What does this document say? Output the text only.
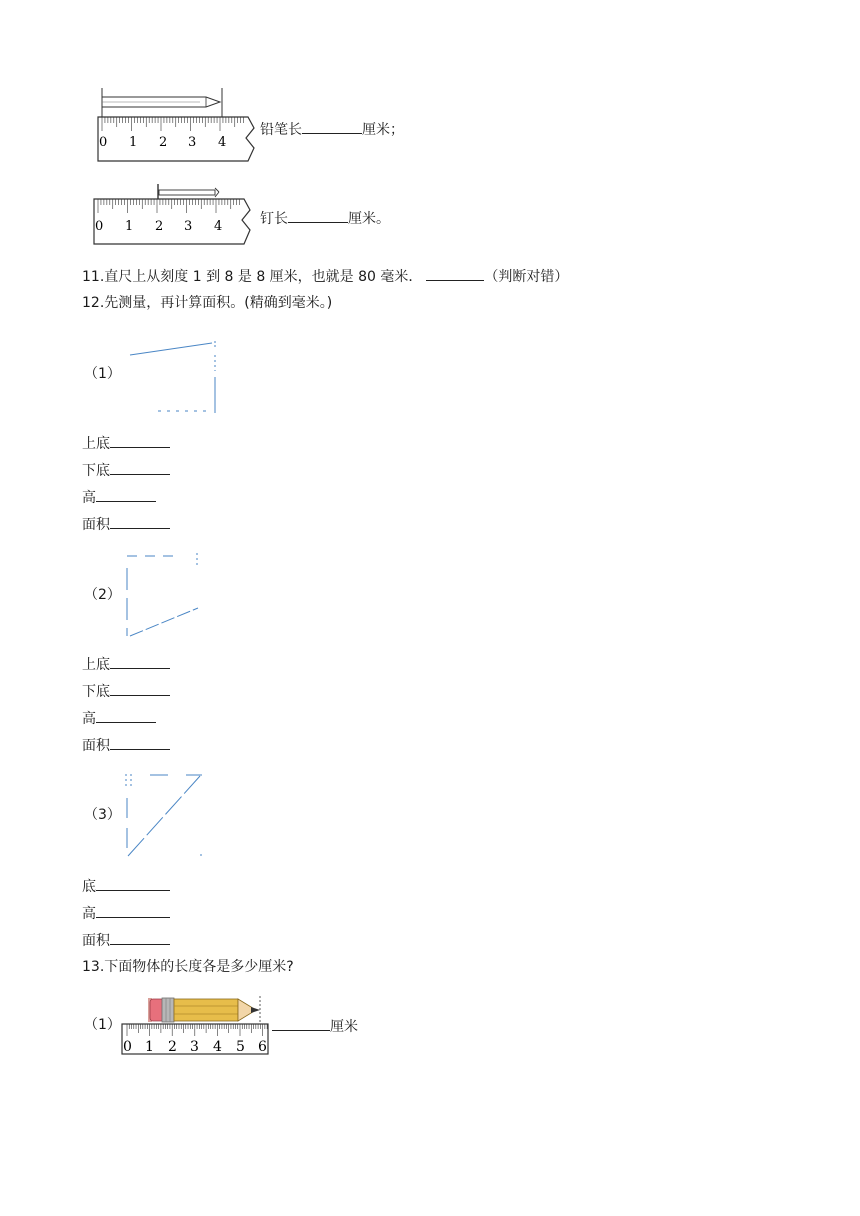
0 1 2 3 4
铅笔长	厘米；
0 1 2 3 4	钉长	厘米。
11.直尺上从刻度 1 到 8 是 8 厘米，也就是 80 毫米．	（判断对错）
12.先测量，再计算面积。(精确到毫米。)
（1）
上底
下底
高
面积
（2）
上底
下底
高
面积
（3）
底
高
面积
13.下面物体的长度各是多少厘米?
（1）
0 1 2 3 4 5 6
厘米
